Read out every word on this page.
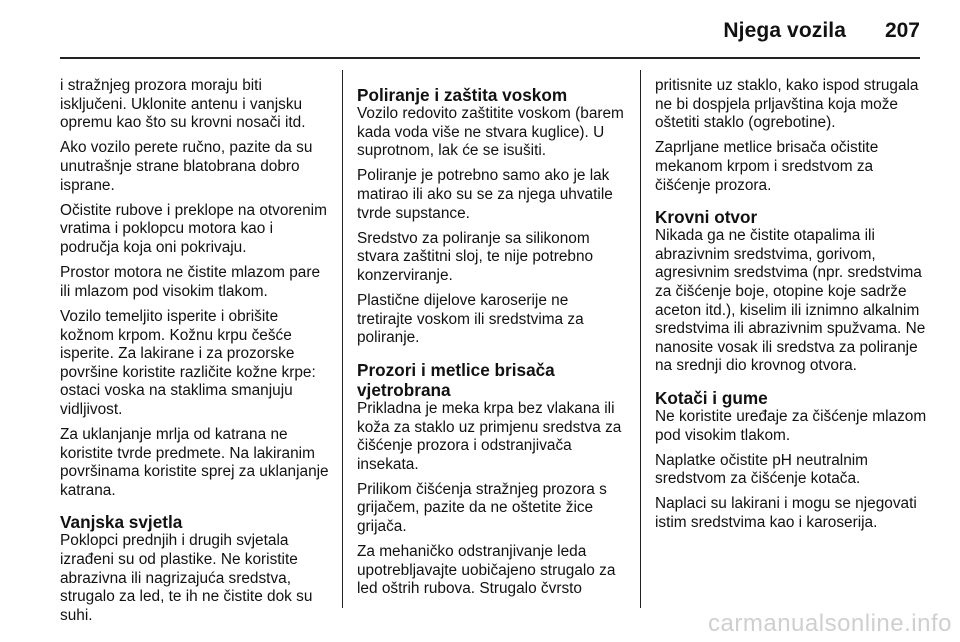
Njega vozila 207

i stražnjeg prozora moraju biti isključeni. Uklonite antenu i vanjsku opremu kao što su krovni nosači itd.

Ako vozilo perete ručno, pazite da su unutrašnje strane blatobrana dobro isprane.

Očistite rubove i preklope na otvorenim vratima i poklopcu motora kao i područja koja oni pokrivaju.

Prostor motora ne čistite mlazom pare ili mlazom pod visokim tlakom.

Vozilo temeljito isperite i obrišite kožnom krpom. Kožnu krpu češće isperite. Za lakirane i za prozorske površine koristite različite kožne krpe: ostaci voska na staklima smanjuju vidljivost.

Za uklanjanje mrlja od katrana ne koristite tvrde predmete. Na lakiranim površinama koristite sprej za uklanjanje katrana.

Vanjska svjetla

Poklopci prednjih i drugih svjetala izrađeni su od plastike. Ne koristite abrazivna ili nagrizajuća sredstva, strugalo za led, te ih ne čistite dok su suhi.

Poliranje i zaštita voskom

Vozilo redovito zaštitite voskom (barem kada voda više ne stvara kuglice). U suprotnom, lak će se isušiti.

Poliranje je potrebno samo ako je lak matirao ili ako su se za njega uhvatile tvrde supstance.

Sredstvo za poliranje sa silikonom stvara zaštitni sloj, te nije potrebno konzerviranje.

Plastične dijelove karoserije ne tretirajte voskom ili sredstvima za poliranje.

Prozori i metlice brisača vjetrobrana

Prikladna je meka krpa bez vlakana ili koža za staklo uz primjenu sredstva za čišćenje prozora i odstranjivača insekata.

Prilikom čišćenja stražnjeg prozora s grijačem, pazite da ne oštetite žice grijača.

Za mehaničko odstranjivanje leda upotrebljavajte uobičajeno strugalo za led oštrih rubova. Strugalo čvrsto

pritisnite uz staklo, kako ispod strugala ne bi dospjela prljavština koja može oštetiti staklo (ogrebotine).

Zaprljane metlice brisača očistite mekanom krpom i sredstvom za čišćenje prozora.

Krovni otvor

Nikada ga ne čistite otapalima ili abrazivnim sredstvima, gorivom, agresivnim sredstvima (npr. sredstvima za čišćenje boje, otopine koje sadrže aceton itd.), kiselim ili iznimno alkalnim sredstvima ili abrazivnim spužvama. Ne nanosite vosak ili sredstva za poliranje na srednji dio krovnog otvora.

Kotači i gume

Ne koristite uređaje za čišćenje mlazom pod visokim tlakom.

Naplatke očistite pH neutralnim sredstvom za čišćenje kotača.

Naplaci su lakirani i mogu se njegovati istim sredstvima kao i karoserija.

carmanualsonline.info
